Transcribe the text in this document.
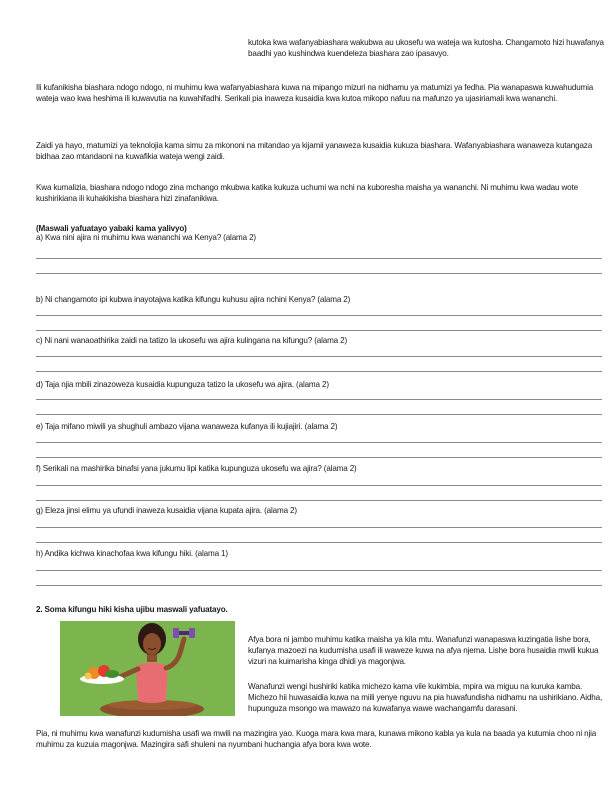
kutoka kwa wafanyabiashara wakubwa au ukosefu wa wateja wa kutosha. Changamoto hizi huwafanya baadhi yao kushindwa kuendeleza biashara zao ipasavyo.
Ili kufanikisha biashara ndogo ndogo, ni muhimu kwa wafanyabiashara kuwa na mipango mizuri na nidhamu ya matumizi ya fedha. Pia wanapaswa kuwahudumia wateja wao kwa heshima ili kuwavutia na kuwahifadhi. Serikali pia inaweza kusaidia kwa kutoa mikopo nafuu na mafunzo ya ujasiriamali kwa wananchi.
Zaidi ya hayo, matumizi ya teknolojia kama simu za mkononi na mitandao ya kijamii yanaweza kusaidia kukuza biashara. Wafanyabiashara wanaweza kutangaza bidhaa zao mtandaoni na kuwafikia wateja wengi zaidi.
Kwa kumalizia, biashara ndogo ndogo zina mchango mkubwa katika kukuza uchumi wa nchi na kuboresha maisha ya wananchi. Ni muhimu kwa wadau wote kushirikiana ili kuhakikisha biashara hizi zinafanikiwa.
(Maswali yafuatayo yabaki kama yalivyo)
a) Kwa nini ajira ni muhimu kwa wananchi wa Kenya? (alama 2)
b) Ni changamoto ipi kubwa inayotajwa katika kifungu kuhusu ajira nchini Kenya? (alama 2)
c) Ni nani wanaoathirika zaidi na tatizo la ukosefu wa ajira kulingana na kifungu? (alama 2)
d) Taja njia mbili zinazoweza kusaidia kupunguza tatizo la ukosefu wa ajira. (alama 2)
e) Taja mifano miwili ya shughuli ambazo vijana wanaweza kufanya ili kujiajiri. (alama 2)
f) Serikali na mashirika binafsi yana jukumu lipi katika kupunguza ukosefu wa ajira? (alama 2)
g) Eleza jinsi elimu ya ufundi inaweza kusaidia vijana kupata ajira. (alama 2)
h) Andika kichwa kinachofaa kwa kifungu hiki. (alama 1)
2. Soma kifungu hiki kisha ujibu maswali yafuatayo.
Afya bora ni jambo muhimu katika maisha ya kila mtu. Wanafunzi wanapaswa kuzingatia lishe bora, kufanya mazoezi na kudumisha usafi ili waweze kuwa na afya njema. Lishe bora husaidia mwili kukua vizuri na kuimarisha kinga dhidi ya magonjwa.
Wanafunzi wengi hushiriki katika michezo kama vile kukimbia, mpira wa miguu na kuruka kamba. Michezo hii huwasaidia kuwa na miili yenye nguvu na pia huwafundisha nidhamu na ushirikiano. Aidha, hupunguza msongo wa mawazo na kuwafanya wawe wachangamfu darasani.
Pia, ni muhimu kwa wanafunzi kudumisha usafi wa mwili na mazingira yao. Kuoga mara kwa mara, kunawa mikono kabla ya kula na baada ya kutumia choo ni njia muhimu za kuzuia magonjwa. Mazingira safi shuleni na nyumbani huchangia afya bora kwa wote.
